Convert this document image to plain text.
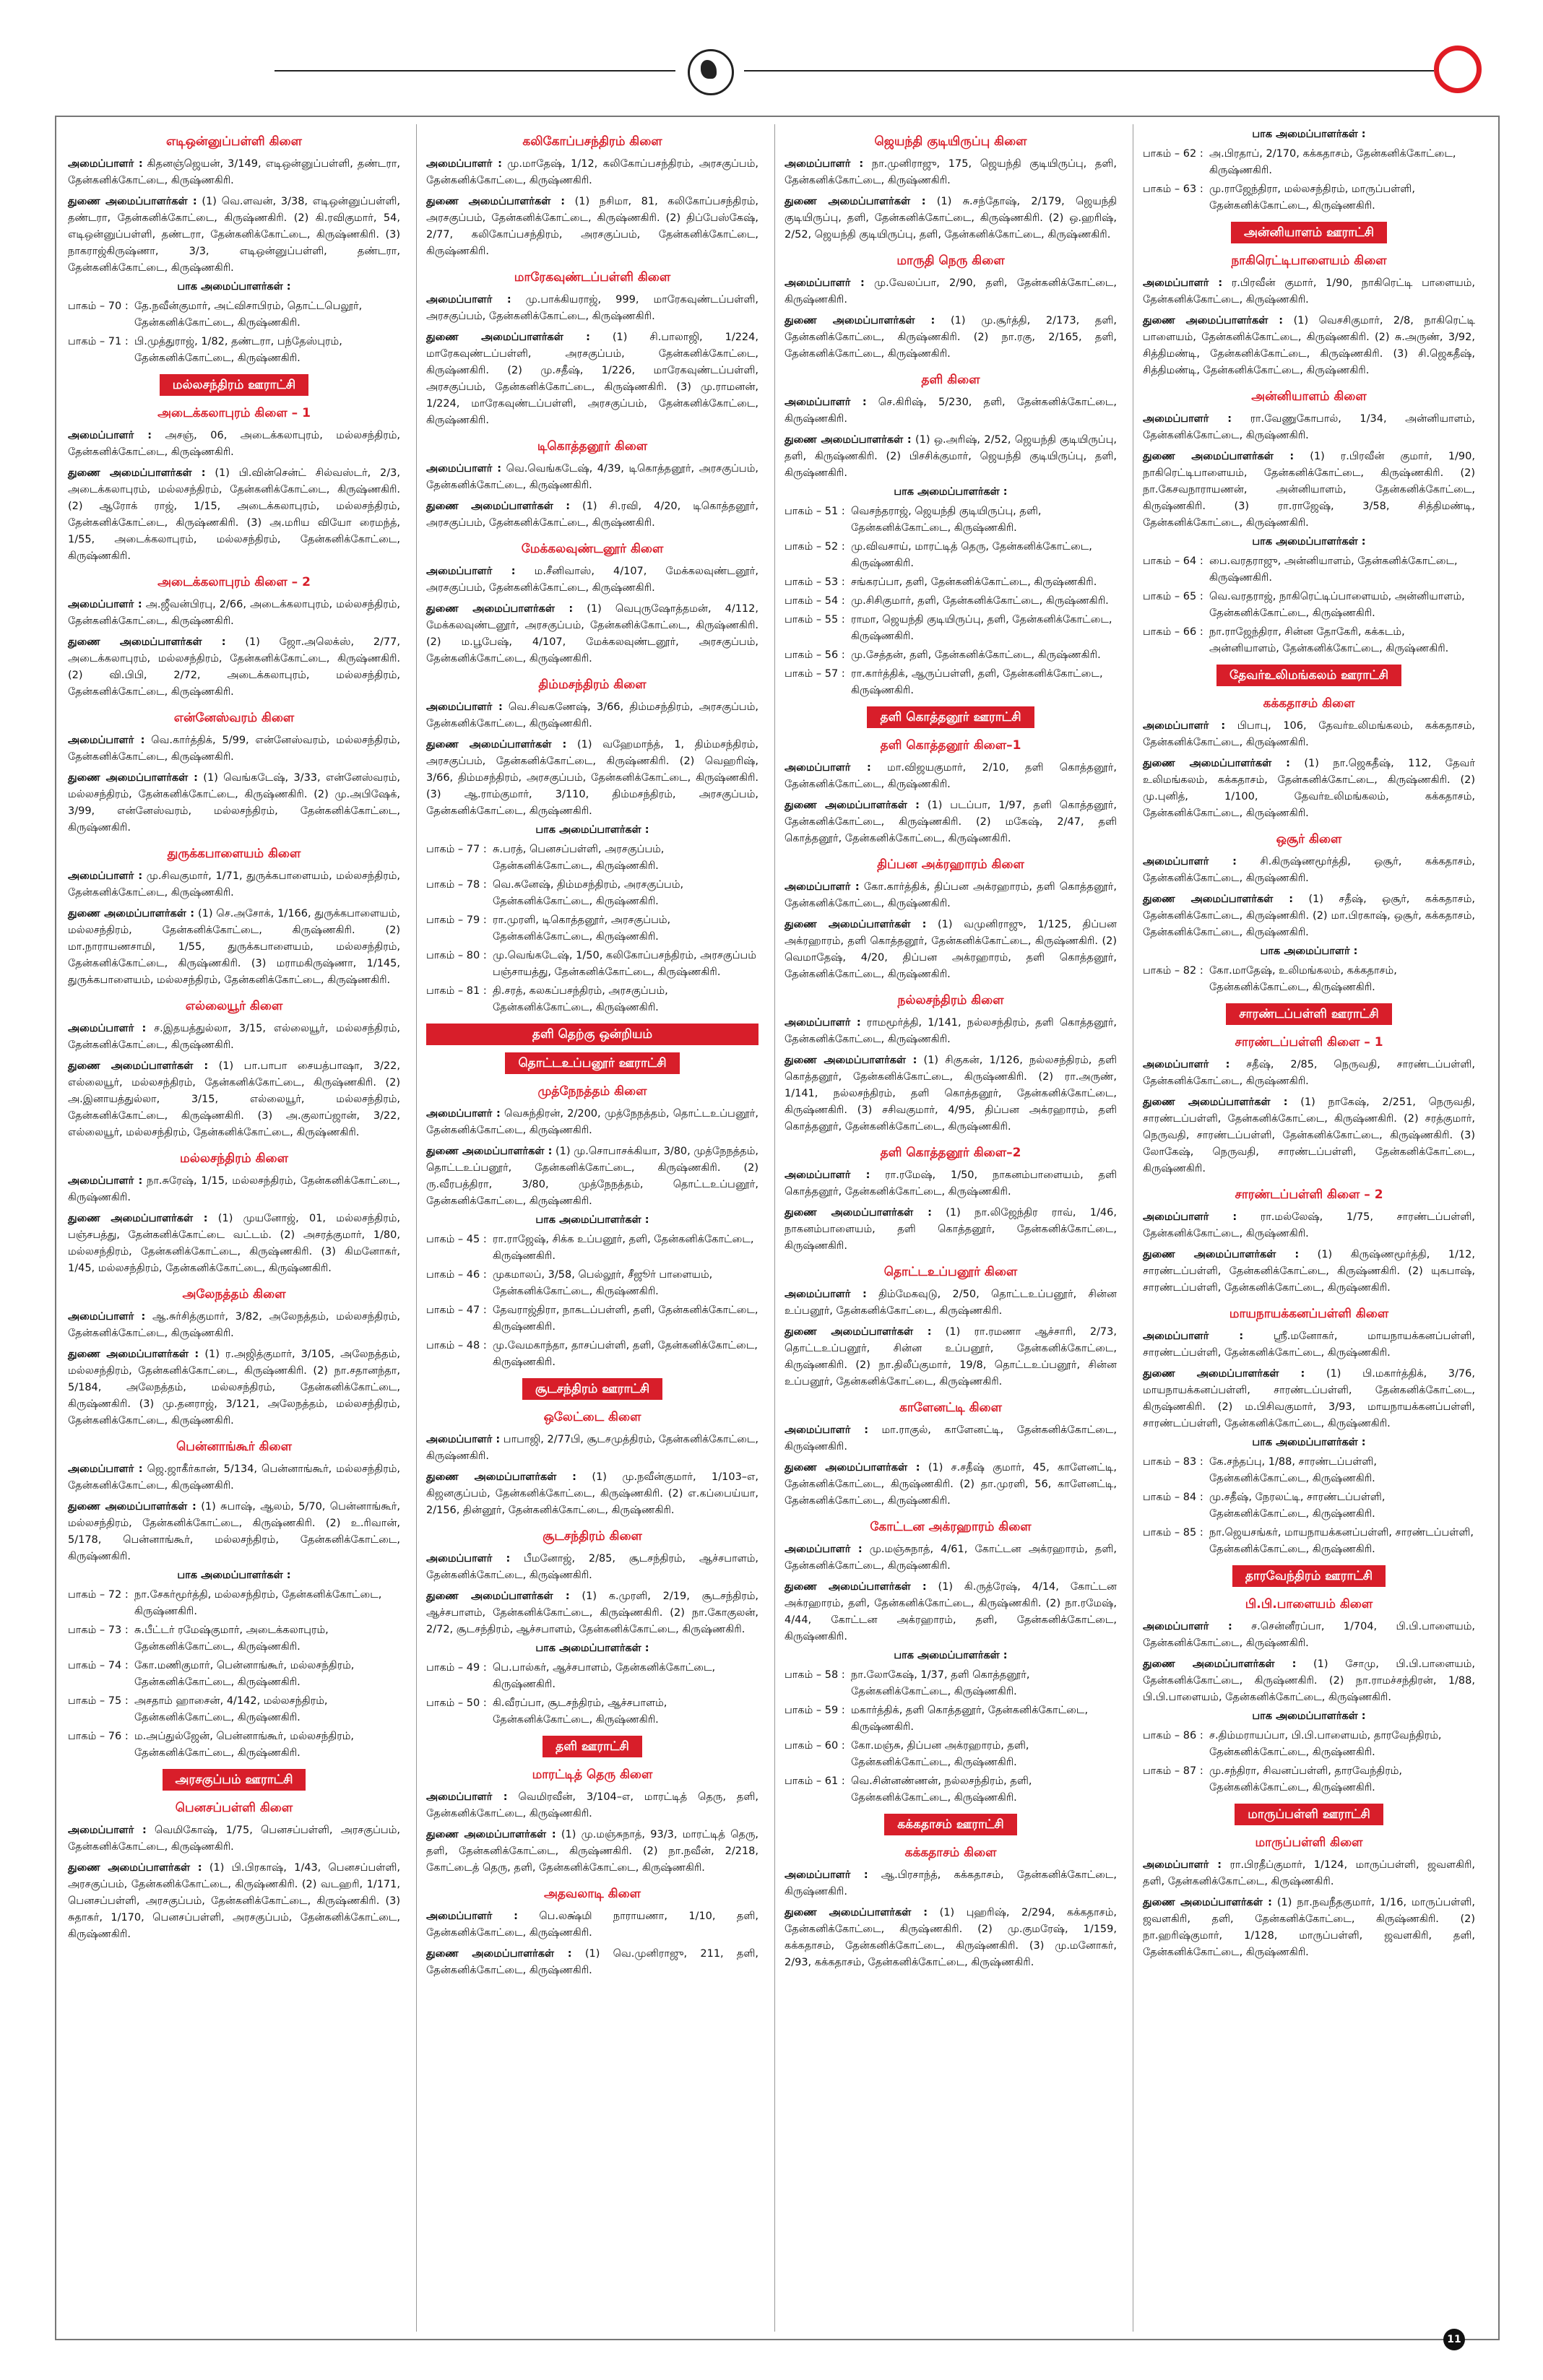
எடிஒன்னுப்பள்ளி கிளை
அமைப்பாளர் : கிதனஞ்ஜெயன், 3/149, எடிஒன்னுப்பள்ளி, தண்டரா, தேன்கனிக்கோட்டை, கிருஷ்ணகிரி.
துணை அமைப்பாளர்கள் : (1) வெ.ளவன், 3/38, எடிஒன்னுப்பள்ளி, தண்டரா, தேன்கனிக்கோட்டை, கிருஷ்ணகிரி. (2) கி.ரவிகுமார், 54, எடிஒன்னுப்பள்ளி, தண்டரா, தேன்கனிக்கோட்டை, கிருஷ்ணகிரி. (3) நாகராஜ்கிருஷ்ணா, 3/3, எடிஒன்னுப்பள்ளி, தண்டரா, தேன்கனிக்கோட்டை, கிருஷ்ணகிரி.
பாக அமைப்பாளர்கள் :
பாகம் – 70 : தே.நவீன்குமார், அட்விசாபிரம், தொட்டபெலூர், தேன்கனிக்கோட்டை, கிருஷ்ணகிரி.
பாகம் – 71 : பி.முத்துராஜ், 1/82, தண்டரா, பந்தேஸ்புரம், தேன்கனிக்கோட்டை, கிருஷ்ணகிரி.
மல்லசந்திரம் ஊராட்சி
அடைக்கலாபுரம் கிளை – 1
அமைப்பாளர் : அசஞ், 06, அடைக்கலாபுரம், மல்லசந்திரம், தேன்கனிக்கோட்டை, கிருஷ்ணகிரி.
துணை அமைப்பாளர்கள் : (1) பி.வின்சென்ட் சில்வஸ்டர், 2/3, அடைக்கலாபுரம், மல்லசந்திரம், தேன்கனிக்கோட்டை, கிருஷ்ணகிரி. (2) ஆரோக் ராஜ், 1/15, அடைக்கலாபுரம், மல்லசந்திரம், தேன்கனிக்கோட்டை, கிருஷ்ணகிரி. (3) அ.மரிய வியோ ரைமந்த், 1/55, அடைக்கலாபுரம், மல்லசந்திரம், தேன்கனிக்கோட்டை, கிருஷ்ணகிரி.
அடைக்கலாபுரம் கிளை – 2
அமைப்பாளர் : அ.ஜீவன்பிரபு, 2/66, அடைக்கலாபுரம், மல்லசந்திரம், தேன்கனிக்கோட்டை, கிருஷ்ணகிரி.
துணை அமைப்பாளர்கள் : (1) ஜோ.அலெக்ஸ், 2/77, அடைக்கலாபுரம், மல்லசந்திரம், தேன்கனிக்கோட்டை, கிருஷ்ணகிரி. (2) வி.பிபி, 2/72, அடைக்கலாபுரம், மல்லசந்திரம், தேன்கனிக்கோட்டை, கிருஷ்ணகிரி.
என்னேஸ்வரம் கிளை
அமைப்பாளர் : வெ.கார்த்திக், 5/99, என்னேஸ்வரம், மல்லசந்திரம், தேன்கனிக்கோட்டை, கிருஷ்ணகிரி.
துணை அமைப்பாளர்கள் : (1) வெங்கடேஷ், 3/33, என்னேஸ்வரம், மல்லசந்திரம், தேன்கனிக்கோட்டை, கிருஷ்ணகிரி. (2) மு.அபிஷேக், 3/99, என்னேஸ்வரம், மல்லசந்திரம், தேன்கனிக்கோட்டை, கிருஷ்ணகிரி.
துருக்கபாளையம் கிளை
அமைப்பாளர் : மு.சிவகுமார், 1/71, துருக்கபாளையம், மல்லசந்திரம், தேன்கனிக்கோட்டை, கிருஷ்ணகிரி.
துணை அமைப்பாளர்கள் : (1) செ.அசோக், 1/166, துருக்கபாளையம், மல்லசந்திரம், தேன்கனிக்கோட்டை, கிருஷ்ணகிரி. (2) மா.நாராயணசாமி, 1/55, துருக்கபாளையம், மல்லசந்திரம், தேன்கனிக்கோட்டை, கிருஷ்ணகிரி. (3) மராமகிருஷ்ணா, 1/145, துருக்கபாளையம், மல்லசந்திரம், தேன்கனிக்கோட்டை, கிருஷ்ணகிரி.
எல்லையூர் கிளை
அமைப்பாளர் : ச.இதயத்துல்லா, 3/15, எல்லையூர், மல்லசந்திரம், தேன்கனிக்கோட்டை, கிருஷ்ணகிரி.
துணை அமைப்பாளர்கள் : (1) பா.பாபா சையத்பாஷா, 3/22, எல்லையூர், மல்லசந்திரம், தேன்கனிக்கோட்டை, கிருஷ்ணகிரி. (2) அ.இனாயத்துல்லா, 3/15, எல்லையூர், மல்லசந்திரம், தேன்கனிக்கோட்டை, கிருஷ்ணகிரி. (3) அ.குலாப்ஜான், 3/22, எல்லையூர், மல்லசந்திரம், தேன்கனிக்கோட்டை, கிருஷ்ணகிரி.
மல்லசந்திரம் கிளை
அமைப்பாளர் : நா.சுரேஷ், 1/15, மல்லசந்திரம், தேன்கனிக்கோட்டை, கிருஷ்ணகிரி.
துணை அமைப்பாளர்கள் : (1) முயனோஜ், 01, மல்லசந்திரம், பஞ்சபத்து, தேன்கனிக்கோட்டை வட்டம். (2) அசரத்குமார், 1/80, மல்லசந்திரம், தேன்கனிக்கோட்டை, கிருஷ்ணகிரி. (3) கிமனோகர், 1/45, மல்லசந்திரம், தேன்கனிக்கோட்டை, கிருஷ்ணகிரி.
அலேநத்தம் கிளை
அமைப்பாளர் : ஆ.சுர்சித்குமார், 3/82, அலேநத்தம், மல்லசந்திரம், தேன்கனிக்கோட்டை, கிருஷ்ணகிரி.
துணை அமைப்பாளர்கள் : (1) ர.அஜித்குமார், 3/105, அலேநத்தம், மல்லசந்திரம், தேன்கனிக்கோட்டை, கிருஷ்ணகிரி. (2) நா.சதானந்தா, 5/184, அலேநத்தம், மல்லசந்திரம், தேன்கனிக்கோட்டை, கிருஷ்ணகிரி. (3) மு.தனராஜ், 3/121, அலேநத்தம், மல்லசந்திரம், தேன்கனிக்கோட்டை, கிருஷ்ணகிரி.
பென்னாங்கூர் கிளை
அமைப்பாளர் : ஜெ.ஜாகீர்கான், 5/134, பென்னாங்கூர், மல்லசந்திரம், தேன்கனிக்கோட்டை, கிருஷ்ணகிரி.
துணை அமைப்பாளர்கள் : (1) சுபாஷ், ஆலம், 5/70, பென்னாங்கூர், மல்லசந்திரம், தேன்கனிக்கோட்டை, கிருஷ்ணகிரி. (2) உ.ரிவான், 5/178, பென்னாங்கூர், மல்லசந்திரம், தேன்கனிக்கோட்டை, கிருஷ்ணகிரி.
பாக அமைப்பாளர்கள் :
பாகம் – 72 : நா.சேகர்மூர்த்தி, மல்லசந்திரம், தேன்கனிக்கோட்டை, கிருஷ்ணகிரி.
பாகம் – 73 : சு.பீட்டர் ரமேஷ்குமார், அடைக்கலாபுரம், தேன்கனிக்கோட்டை, கிருஷ்ணகிரி.
பாகம் – 74 : கோ.மணிகுமார், பென்னாங்கூர், மல்லசந்திரம், தேன்கனிக்கோட்டை, கிருஷ்ணகிரி.
பாகம் – 75 : அசதாம் ஹாசைன், 4/142, மல்லசந்திரம், தேன்கனிக்கோட்டை, கிருஷ்ணகிரி.
பாகம் – 76 : ம.அப்துல்ஜேன், பென்னாங்கூர், மல்லசந்திரம், தேன்கனிக்கோட்டை, கிருஷ்ணகிரி.
அரசகுப்பம் ஊராட்சி
பெனசப்பள்ளி கிளை
அமைப்பாளர் : வெமிகோஷ், 1/75, பெனசப்பள்ளி, அரசகுப்பம், தேன்கனிக்கோட்டை, கிருஷ்ணகிரி.
துணை அமைப்பாளர்கள் : (1) பி.பிரகாஷ், 1/43, பெனசப்பள்ளி, அரசகுப்பம், தேன்கனிக்கோட்டை, கிருஷ்ணகிரி. (2) வடஹரி, 1/171, பெனசப்பள்ளி, அரசகுப்பம், தேன்கனிக்கோட்டை, கிருஷ்ணகிரி. (3) சுதாகர், 1/170, பெனசப்பள்ளி, அரசகுப்பம், தேன்கனிக்கோட்டை, கிருஷ்ணகிரி.
கலிகோப்பசந்திரம் கிளை
அமைப்பாளர் : மு.மாதேஷ், 1/12, கலிகோப்பசந்திரம், அரசகுப்பம், தேன்கனிக்கோட்டை, கிருஷ்ணகிரி.
துணை அமைப்பாளர்கள் : (1) நசிமா, 81, கலிகோப்பசந்திரம், அரசகுப்பம், தேன்கனிக்கோட்டை, கிருஷ்ணகிரி. (2) திப்பேஸ்கேஷ், 2/77, கலிகோப்பசந்திரம், அரசகுப்பம், தேன்கனிக்கோட்டை, கிருஷ்ணகிரி.
மாரேகவுண்டப்பள்ளி கிளை
அமைப்பாளர் : மு.பாக்கியராஜ், 999, மாரேகவுண்டப்பள்ளி, அரசகுப்பம், தேன்கனிக்கோட்டை, கிருஷ்ணகிரி.
துணை அமைப்பாளர்கள் : (1) சி.பாலாஜி, 1/224, மாரேகவுண்டப்பள்ளி, அரசகுப்பம், தேன்கனிக்கோட்டை, கிருஷ்ணகிரி. (2) மு.சதீஷ், 1/226, மாரேகவுண்டப்பள்ளி, அரசகுப்பம், தேன்கனிக்கோட்டை, கிருஷ்ணகிரி. (3) மு.ராமனன், 1/224, மாரேகவுண்டப்பள்ளி, அரசகுப்பம், தேன்கனிக்கோட்டை, கிருஷ்ணகிரி.
டிகொத்தனூர் கிளை
அமைப்பாளர் : வெ.வெங்கடேஷ், 4/39, டிகொத்தனூர், அரசகுப்பம், தேன்கனிக்கோட்டை, கிருஷ்ணகிரி.
துணை அமைப்பாளர்கள் : (1) சி.ரவி, 4/20, டிகொத்தனூர், அரசகுப்பம், தேன்கனிக்கோட்டை, கிருஷ்ணகிரி.
மேக்கலவுண்டனூர் கிளை
அமைப்பாளர் : ம.சீனிவாஸ், 4/107, மேக்கலவுண்டனூர், அரசகுப்பம், தேன்கனிக்கோட்டை, கிருஷ்ணகிரி.
துணை அமைப்பாளர்கள் : (1) வெபுருஷோத்தமன், 4/112, மேக்கலவுண்டனூர், அரசகுப்பம், தேன்கனிக்கோட்டை, கிருஷ்ணகிரி. (2) ம.பூபேஷ், 4/107, மேக்கலவுண்டனூர், அரசகுப்பம், தேன்கனிக்கோட்டை, கிருஷ்ணகிரி.
திம்மசந்திரம் கிளை
அமைப்பாளர் : வெ.சிவகணேஷ், 3/66, திம்மசந்திரம், அரசகுப்பம், தேன்கனிக்கோட்டை, கிருஷ்ணகிரி.
துணை அமைப்பாளர்கள் : (1) வஹேமாந்த், 1, திம்மசந்திரம், அரசகுப்பம், தேன்கனிக்கோட்டை, கிருஷ்ணகிரி. (2) வெஹரிஷ், 3/66, திம்மசந்திரம், அரசகுப்பம், தேன்கனிக்கோட்டை, கிருஷ்ணகிரி. (3) ஆ.ராம்குமார், 3/110, திம்மசந்திரம், அரசகுப்பம், தேன்கனிக்கோட்டை, கிருஷ்ணகிரி.
பாக அமைப்பாளர்கள் :
பாகம் – 77 : சு.பரத், பெனசப்பள்ளி, அரசகுப்பம், தேன்கனிக்கோட்டை, கிருஷ்ணகிரி.
பாகம் – 78 : வெ.சுனேஷ், திம்மசந்திரம், அரசகுப்பம், தேன்கனிக்கோட்டை, கிருஷ்ணகிரி.
பாகம் – 79 : ரா.முரளி, டிகொத்தனூர், அரசகுப்பம், தேன்கனிக்கோட்டை, கிருஷ்ணகிரி.
பாகம் – 80 : மு.வெங்கடேஷ், 1/50, கலிகோப்பசந்திரம், அரசகுப்பம் பஞ்சாயத்து, தேன்கனிக்கோட்டை, கிருஷ்ணகிரி.
பாகம் – 81 : தி.சரத், கலகப்பசந்திரம், அரசகுப்பம், தேன்கனிக்கோட்டை, கிருஷ்ணகிரி.
தளி தெற்கு ஒன்றியம்
தொட்டஉப்பனூர் ஊராட்சி
முத்நேநத்தம் கிளை
அமைப்பாளர் : வெசுந்திரன், 2/200, முத்நேநத்தம், தொட்டஉப்பனூர், தேன்கனிக்கோட்டை, கிருஷ்ணகிரி.
துணை அமைப்பாளர்கள் : (1) மு.சொபாசக்கியா, 3/80, முத்நேநத்தம், தொட்டஉப்பனூர், தேன்கனிக்கோட்டை, கிருஷ்ணகிரி. (2) ரு.வீரபத்திரா, 3/80, முத்நேநத்தம், தொட்டஉப்பனூர், தேன்கனிக்கோட்டை, கிருஷ்ணகிரி.
பாக அமைப்பாளர்கள் :
பாகம் – 45 : ரா.ராஜேஷ், சிக்க உப்பனூர், தளி, தேன்கனிக்கோட்டை, கிருஷ்ணகிரி.
பாகம் – 46 : முகமாலப், 3/58, பெல்லூர், சீஜூர் பாளையம், தேன்கனிக்கோட்டை, கிருஷ்ணகிரி.
பாகம் – 47 : தேவராஜ்திரா, நாகடப்பள்ளி, தளி, தேன்கனிக்கோட்டை, கிருஷ்ணகிரி.
பாகம் – 48 : மு.வேமகாந்தா, தாசப்பள்ளி, தளி, தேன்கனிக்கோட்டை, கிருஷ்ணகிரி.
சூடசந்திரம் ஊராட்சி
ஒலேட்டை கிளை
அமைப்பாளர் : பாபாஜி, 2/77பி, சூடசமுத்திரம், தேன்கனிக்கோட்டை, கிருஷ்ணகிரி.
துணை அமைப்பாளர்கள் : (1) மு.நவீன்குமார், 1/103–எ, கிஜனகுப்பம், தேன்கனிக்கோட்டை, கிருஷ்ணகிரி. (2) எ.கப்பைய்யா, 2/156, தின்னூர், தேன்கனிக்கோட்டை, கிருஷ்ணகிரி.
சூடசந்திரம் கிளை
அமைப்பாளர் : பீமனோஜ், 2/85, சூடசந்திரம், ஆச்சபாளம், தேன்கனிக்கோட்டை, கிருஷ்ணகிரி.
துணை அமைப்பாளர்கள் : (1) க.முரளி, 2/19, சூடசந்திரம், ஆச்சபாளம், தேன்கனிக்கோட்டை, கிருஷ்ணகிரி. (2) நா.கோகுலன், 2/72, சூடசந்திரம், ஆச்சபாளம், தேன்கனிக்கோட்டை, கிருஷ்ணகிரி.
பாக அமைப்பாளர்கள் :
பாகம் – 49 : பெ.பால்கர், ஆச்சபாளம், தேன்கனிக்கோட்டை, கிருஷ்ணகிரி.
பாகம் – 50 : கி.வீரப்பா, சூடசந்திரம், ஆச்சபாளம், தேன்கனிக்கோட்டை, கிருஷ்ணகிரி.
தளி ஊராட்சி
மாரட்டித் தெரு கிளை
அமைப்பாளர் : வெமிரவீன், 3/104–எ, மாரட்டித் தெரு, தளி, தேன்கனிக்கோட்டை, கிருஷ்ணகிரி.
துணை அமைப்பாளர்கள் : (1) மு.மஞ்சுநாத், 93/3, மாரட்டித் தெரு, தளி, தேன்கனிக்கோட்டை, கிருஷ்ணகிரி. (2) நா.நவீன், 2/218, கோட்டைத் தெரு, தளி, தேன்கனிக்கோட்டை, கிருஷ்ணகிரி.
அதவலாடி கிளை
அமைப்பாளர் : பெ.லக்ஷ்மி நாராயணா, 1/10, தளி, தேன்கனிக்கோட்டை, கிருஷ்ணகிரி.
துணை அமைப்பாளர்கள் : (1) வெ.முனிராஜு, 211, தளி, தேன்கனிக்கோட்டை, கிருஷ்ணகிரி.
ஜெயந்தி குடியிருப்பு கிளை
அமைப்பாளர் : நா.முனிராஜு, 175, ஜெயந்தி குடியிருப்பு, தளி, தேன்கனிக்கோட்டை, கிருஷ்ணகிரி.
துணை அமைப்பாளர்கள் : (1) சு.சந்தோஷ், 2/179, ஜெயந்தி குடியிருப்பு, தளி, தேன்கனிக்கோட்டை, கிருஷ்ணகிரி. (2) ஒ.ஹரிஷ், 2/52, ஜெயந்தி குடியிருப்பு, தளி, தேன்கனிக்கோட்டை, கிருஷ்ணகிரி.
மாருதி நெரு கிளை
அமைப்பாளர் : மு.வேலப்பா, 2/90, தளி, தேன்கனிக்கோட்டை, கிருஷ்ணகிரி.
துணை அமைப்பாளர்கள் : (1) மு.சூர்த்தி, 2/173, தளி, தேன்கனிக்கோட்டை, கிருஷ்ணகிரி. (2) நா.ரகு, 2/165, தளி, தேன்கனிக்கோட்டை, கிருஷ்ணகிரி.
தளி கிளை
அமைப்பாளர் : செ.கிரிஷ், 5/230, தளி, தேன்கனிக்கோட்டை, கிருஷ்ணகிரி.
துணை அமைப்பாளர்கள் : (1) ஒ.அரிஷ், 2/52, ஜெயந்தி குடியிருப்பு, தளி, கிருஷ்ணகிரி. (2) பிசசிக்குமார், ஜெயந்தி குடியிருப்பு, தளி, கிருஷ்ணகிரி.
பாக அமைப்பாளர்கள் :
பாகம் – 51 : வெசந்தராஜ், ஜெயந்தி குடியிருப்பு, தளி, தேன்கனிக்கோட்டை, கிருஷ்ணகிரி.
பாகம் – 52 : மு.விவசாய், மாரட்டித் தெரு, தேன்கனிக்கோட்டை, கிருஷ்ணகிரி.
பாகம் – 53 : சங்கரப்பா, தளி, தேன்கனிக்கோட்டை, கிருஷ்ணகிரி.
பாகம் – 54 : மு.சிசிகுமார், தளி, தேன்கனிக்கோட்டை, கிருஷ்ணகிரி.
பாகம் – 55 : ராமா, ஜெயந்தி குடியிருப்பு, தளி, தேன்கனிக்கோட்டை, கிருஷ்ணகிரி.
பாகம் – 56 : மு.சேத்தன், தளி, தேன்கனிக்கோட்டை, கிருஷ்ணகிரி.
பாகம் – 57 : ரா.கார்த்திக், ஆருப்பள்ளி, தளி, தேன்கனிக்கோட்டை, கிருஷ்ணகிரி.
தளி கொத்தனூர் ஊராட்சி
தளி கொத்தனூர் கிளை–1
அமைப்பாளர் : மா.விஜயகுமார், 2/10, தளி கொத்தனூர், தேன்கனிக்கோட்டை, கிருஷ்ணகிரி.
துணை அமைப்பாளர்கள் : (1) படப்பா, 1/97, தளி கொத்தனூர், தேன்கனிக்கோட்டை, கிருஷ்ணகிரி. (2) மகேஷ், 2/47, தளி கொத்தனூர், தேன்கனிக்கோட்டை, கிருஷ்ணகிரி.
திப்பன அக்ரஹாரம் கிளை
அமைப்பாளர் : கோ.கார்த்திக், திப்பன அக்ரஹாரம், தளி கொத்தனூர், தேன்கனிக்கோட்டை, கிருஷ்ணகிரி.
துணை அமைப்பாளர்கள் : (1) வமுனிராஜு, 1/125, திப்பன அக்ரஹாரம், தளி கொத்தனூர், தேன்கனிக்கோட்டை, கிருஷ்ணகிரி. (2) வெமாதேஷ், 4/20, திப்பன அக்ரஹாரம், தளி கொத்தனூர், தேன்கனிக்கோட்டை, கிருஷ்ணகிரி.
நல்லசந்திரம் கிளை
அமைப்பாளர் : ராமமூர்த்தி, 1/141, நல்லசந்திரம், தளி கொத்தனூர், தேன்கனிக்கோட்டை, கிருஷ்ணகிரி.
துணை அமைப்பாளர்கள் : (1) சிகுகன், 1/126, நல்லசந்திரம், தளி கொத்தனூர், தேன்கனிக்கோட்டை, கிருஷ்ணகிரி. (2) ரா.அருண், 1/141, நல்லசந்திரம், தளி கொத்தனூர், தேன்கனிக்கோட்டை, கிருஷ்ணகிரி. (3) சசிவகுமார், 4/95, திப்பன அக்ரஹாரம், தளி கொத்தனூர், தேன்கனிக்கோட்டை, கிருஷ்ணகிரி.
தளி கொத்தனூர் கிளை–2
அமைப்பாளர் : ரா.ரமேஷ், 1/50, நாகனம்பாளையம், தளி கொத்தனூர், தேன்கனிக்கோட்டை, கிருஷ்ணகிரி.
துணை அமைப்பாளர்கள் : (1) நா.லிஜேந்திர ராவ், 1/46, நாகனம்பாளையம், தளி கொத்தனூர், தேன்கனிக்கோட்டை, கிருஷ்ணகிரி.
தொட்டஉப்பனூர் கிளை
அமைப்பாளர் : திம்மேகவுடு, 2/50, தொட்டஉப்பனூர், சின்ன உப்பனூர், தேன்கனிக்கோட்டை, கிருஷ்ணகிரி.
துணை அமைப்பாளர்கள் : (1) ரா.ரமணா ஆச்சாரி, 2/73, தொட்டஉப்பனூர், சின்ன உப்பனூர், தேன்கனிக்கோட்டை, கிருஷ்ணகிரி. (2) நா.திலீப்குமார், 19/8, தொட்டஉப்பனூர், சின்ன உப்பனூர், தேன்கனிக்கோட்டை, கிருஷ்ணகிரி.
காளேனட்டி கிளை
அமைப்பாளர் : மா.ராகுல், காளேனட்டி, தேன்கனிக்கோட்டை, கிருஷ்ணகிரி.
துணை அமைப்பாளர்கள் : (1) ச.சதீஷ் குமார், 45, காளேனட்டி, தேன்கனிக்கோட்டை, கிருஷ்ணகிரி. (2) தா.முரளி, 56, காளேனட்டி, தேன்கனிக்கோட்டை, கிருஷ்ணகிரி.
கோட்டன அக்ரஹாரம் கிளை
அமைப்பாளர் : மு.மஞ்சுநாத், 4/61, கோட்டன அக்ரஹாரம், தளி, தேன்கனிக்கோட்டை, கிருஷ்ணகிரி.
துணை அமைப்பாளர்கள் : (1) கி.ருத்ரேஷ், 4/14, கோட்டன அக்ரஹாரம், தளி, தேன்கனிக்கோட்டை, கிருஷ்ணகிரி. (2) நா.ரமேஷ், 4/44, கோட்டன அக்ரஹாரம், தளி, தேன்கனிக்கோட்டை, கிருஷ்ணகிரி.
பாக அமைப்பாளர்கள் :
பாகம் – 58 : நா.லோகேஷ், 1/37, தளி கொத்தனூர், தேன்கனிக்கோட்டை, கிருஷ்ணகிரி.
பாகம் – 59 : மகார்த்திக், தளி கொத்தனூர், தேன்கனிக்கோட்டை, கிருஷ்ணகிரி.
பாகம் – 60 : கோ.மஞ்சு, திப்பன அக்ரஹாரம், தளி, தேன்கனிக்கோட்டை, கிருஷ்ணகிரி.
பாகம் – 61 : வெ.சின்னண்ணன், நல்லசந்திரம், தளி, தேன்கனிக்கோட்டை, கிருஷ்ணகிரி.
கக்கதாசம் ஊராட்சி
கக்கதாசம் கிளை
அமைப்பாளர் : ஆ.பிரசாந்த், கக்கதாசம், தேன்கனிக்கோட்டை, கிருஷ்ணகிரி.
துணை அமைப்பாளர்கள் : (1) புஹரிஷ், 2/294, கக்கதாசம், தேன்கனிக்கோட்டை, கிருஷ்ணகிரி. (2) மு.குமரேஷ், 1/159, கக்கதாசம், தேன்கனிக்கோட்டை, கிருஷ்ணகிரி. (3) மு.மனோகர், 2/93, கக்கதாசம், தேன்கனிக்கோட்டை, கிருஷ்ணகிரி.
பாக அமைப்பாளர்கள் :
பாகம் – 62 : அ.பிரதாப், 2/170, கக்கதாசம், தேன்கனிக்கோட்டை, கிருஷ்ணகிரி.
பாகம் – 63 : மு.ராஜேந்திரா, மல்லசந்திரம், மாருப்பள்ளி, தேன்கனிக்கோட்டை, கிருஷ்ணகிரி.
அன்னியாளம் ஊராட்சி
நாகிரெட்டிபாளையம் கிளை
அமைப்பாளர் : ர.பிரவீன் குமார், 1/90, நாகிரெட்டி பாளையம், தேன்கனிக்கோட்டை, கிருஷ்ணகிரி.
துணை அமைப்பாளர்கள் : (1) வெசசிகுமார், 2/8, நாகிரெட்டி பாளையம், தேன்கனிக்கோட்டை, கிருஷ்ணகிரி. (2) சு.அருண், 3/92, சித்திமண்டி, தேன்கனிக்கோட்டை, கிருஷ்ணகிரி. (3) சி.ஜெகதீஷ், சித்திமண்டி, தேன்கனிக்கோட்டை, கிருஷ்ணகிரி.
அன்னியாளம் கிளை
அமைப்பாளர் : ரா.வேணுகோபால், 1/34, அன்னியாளம், தேன்கனிக்கோட்டை, கிருஷ்ணகிரி.
துணை அமைப்பாளர்கள் : (1) ர.பிரவீன் குமார், 1/90, நாகிரெட்டிபாளையம், தேன்கனிக்கோட்டை, கிருஷ்ணகிரி. (2) நா.கேசவநாராயணன், அன்னியாளம், தேன்கனிக்கோட்டை, கிருஷ்ணகிரி. (3) ரா.ராஜேஷ், 3/58, சித்திமண்டி, தேன்கனிக்கோட்டை, கிருஷ்ணகிரி.
பாக அமைப்பாளர்கள் :
பாகம் – 64 : பை.வரதராஜு, அன்னியாளம், தேன்கனிக்கோட்டை, கிருஷ்ணகிரி.
பாகம் – 65 : வெ.வரதராஜ், நாகிரெட்டிப்பாளையம், அன்னியாளம், தேன்கனிக்கோட்டை, கிருஷ்ணகிரி.
பாகம் – 66 : நா.ராஜேந்திரா, சின்ன தோகேரி, கக்கடம், அன்னியாளம், தேன்கனிக்கோட்டை, கிருஷ்ணகிரி.
தேவர்உலிமங்கலம் ஊராட்சி
கக்கதாசம் கிளை
அமைப்பாளர் : பிபாபு, 106, தேவர்உலிமங்கலம், கக்கதாசம், தேன்கனிக்கோட்டை, கிருஷ்ணகிரி.
துணை அமைப்பாளர்கள் : (1) நா.ஜெகதீஷ், 112, தேவர் உலிமங்கலம், கக்கதாசம், தேன்கனிக்கோட்டை, கிருஷ்ணகிரி. (2) மு.புனித், 1/100, தேவர்உலிமங்கலம், கக்கதாசம், தேன்கனிக்கோட்டை, கிருஷ்ணகிரி.
ஒசூர் கிளை
அமைப்பாளர் : சி.கிருஷ்ணமூர்த்தி, ஒசூர், கக்கதாசம், தேன்கனிக்கோட்டை, கிருஷ்ணகிரி.
துணை அமைப்பாளர்கள் : (1) சதீஷ், ஒசூர், கக்கதாசம், தேன்கனிக்கோட்டை, கிருஷ்ணகிரி. (2) மா.பிரகாஷ், ஒசூர், கக்கதாசம், தேன்கனிக்கோட்டை, கிருஷ்ணகிரி.
பாக அமைப்பாளர் :
பாகம் – 82 : கோ.மாதேஷ், உலிமங்கலம், கக்கதாசம், தேன்கனிக்கோட்டை, கிருஷ்ணகிரி.
சாரண்டப்பள்ளி ஊராட்சி
சாரண்டப்பள்ளி கிளை – 1
அமைப்பாளர் : சதீஷ், 2/85, நெருவதி, சாரண்டப்பள்ளி, தேன்கனிக்கோட்டை, கிருஷ்ணகிரி.
துணை அமைப்பாளர்கள் : (1) நாகேஷ், 2/251, நெருவதி, சாரண்டப்பள்ளி, தேன்கனிக்கோட்டை, கிருஷ்ணகிரி. (2) சரத்குமார், நெருவதி, சாரண்டப்பள்ளி, தேன்கனிக்கோட்டை, கிருஷ்ணகிரி. (3) லோகேஷ், நெருவதி, சாரண்டப்பள்ளி, தேன்கனிக்கோட்டை, கிருஷ்ணகிரி.
சாரண்டப்பள்ளி கிளை – 2
அமைப்பாளர் : ரா.மல்லேஷ், 1/75, சாரண்டப்பள்ளி, தேன்கனிக்கோட்டை, கிருஷ்ணகிரி.
துணை அமைப்பாளர்கள் : (1) கிருஷ்ணமூர்த்தி, 1/12, சாரண்டப்பள்ளி, தேன்கனிக்கோட்டை, கிருஷ்ணகிரி. (2) யுகபாஷ், சாரண்டப்பள்ளி, தேன்கனிக்கோட்டை, கிருஷ்ணகிரி.
மாயநாயக்கனப்பள்ளி கிளை
அமைப்பாளர் : ஸ்ரீ.மனோகர், மாயநாயக்கனப்பள்ளி, சாரண்டப்பள்ளி, தேன்கனிக்கோட்டை, கிருஷ்ணகிரி.
துணை அமைப்பாளர்கள் : (1) பி.மகார்த்திக், 3/76, மாயநாயக்கனப்பள்ளி, சாரண்டப்பள்ளி, தேன்கனிக்கோட்டை, கிருஷ்ணகிரி. (2) ம.பிசிவகுமார், 3/93, மாயநாயக்கனப்பள்ளி, சாரண்டப்பள்ளி, தேன்கனிக்கோட்டை, கிருஷ்ணகிரி.
பாக அமைப்பாளர்கள் :
பாகம் – 83 : கே.சந்தப்பு, 1/88, சாரண்டப்பள்ளி, தேன்கனிக்கோட்டை, கிருஷ்ணகிரி.
பாகம் – 84 : மு.சதீஷ், நேரலட்டி, சாரண்டப்பள்ளி, தேன்கனிக்கோட்டை, கிருஷ்ணகிரி.
பாகம் – 85 : நா.ஜெயசங்கர், மாயநாயக்கனப்பள்ளி, சாரண்டப்பள்ளி, தேன்கனிக்கோட்டை, கிருஷ்ணகிரி.
தாரவேந்திரம் ஊராட்சி
பி.பி.பாளையம் கிளை
அமைப்பாளர் : ச.சென்னீரப்பா, 1/704, பி.பி.பாளையம், தேன்கனிக்கோட்டை, கிருஷ்ணகிரி.
துணை அமைப்பாளர்கள் : (1) சோமு, பி.பி.பாளையம், தேன்கனிக்கோட்டை, கிருஷ்ணகிரி. (2) நா.ராமச்சந்திரன், 1/88, பி.பி.பாளையம், தேன்கனிக்கோட்டை, கிருஷ்ணகிரி.
பாக அமைப்பாளர்கள் :
பாகம் – 86 : ச.திம்மராயப்பா, பி.பி.பாளையம், தாரவேந்திரம், தேன்கனிக்கோட்டை, கிருஷ்ணகிரி.
பாகம் – 87 : மு.சந்திரா, சிவனப்பள்ளி, தாரவேந்திரம், தேன்கனிக்கோட்டை, கிருஷ்ணகிரி.
மாருப்பள்ளி ஊராட்சி
மாருப்பள்ளி கிளை
அமைப்பாளர் : ரா.பிரதீப்குமார், 1/124, மாருப்பள்ளி, ஜவளகிரி, தளி, தேன்கனிக்கோட்டை, கிருஷ்ணகிரி.
துணை அமைப்பாளர்கள் : (1) நா.நவநீதகுமார், 1/16, மாருப்பள்ளி, ஜவளகிரி, தளி, தேன்கனிக்கோட்டை, கிருஷ்ணகிரி. (2) நா.ஹரிஷ்குமார், 1/128, மாருப்பள்ளி, ஜவளகிரி, தளி, தேன்கனிக்கோட்டை, கிருஷ்ணகிரி.
11
